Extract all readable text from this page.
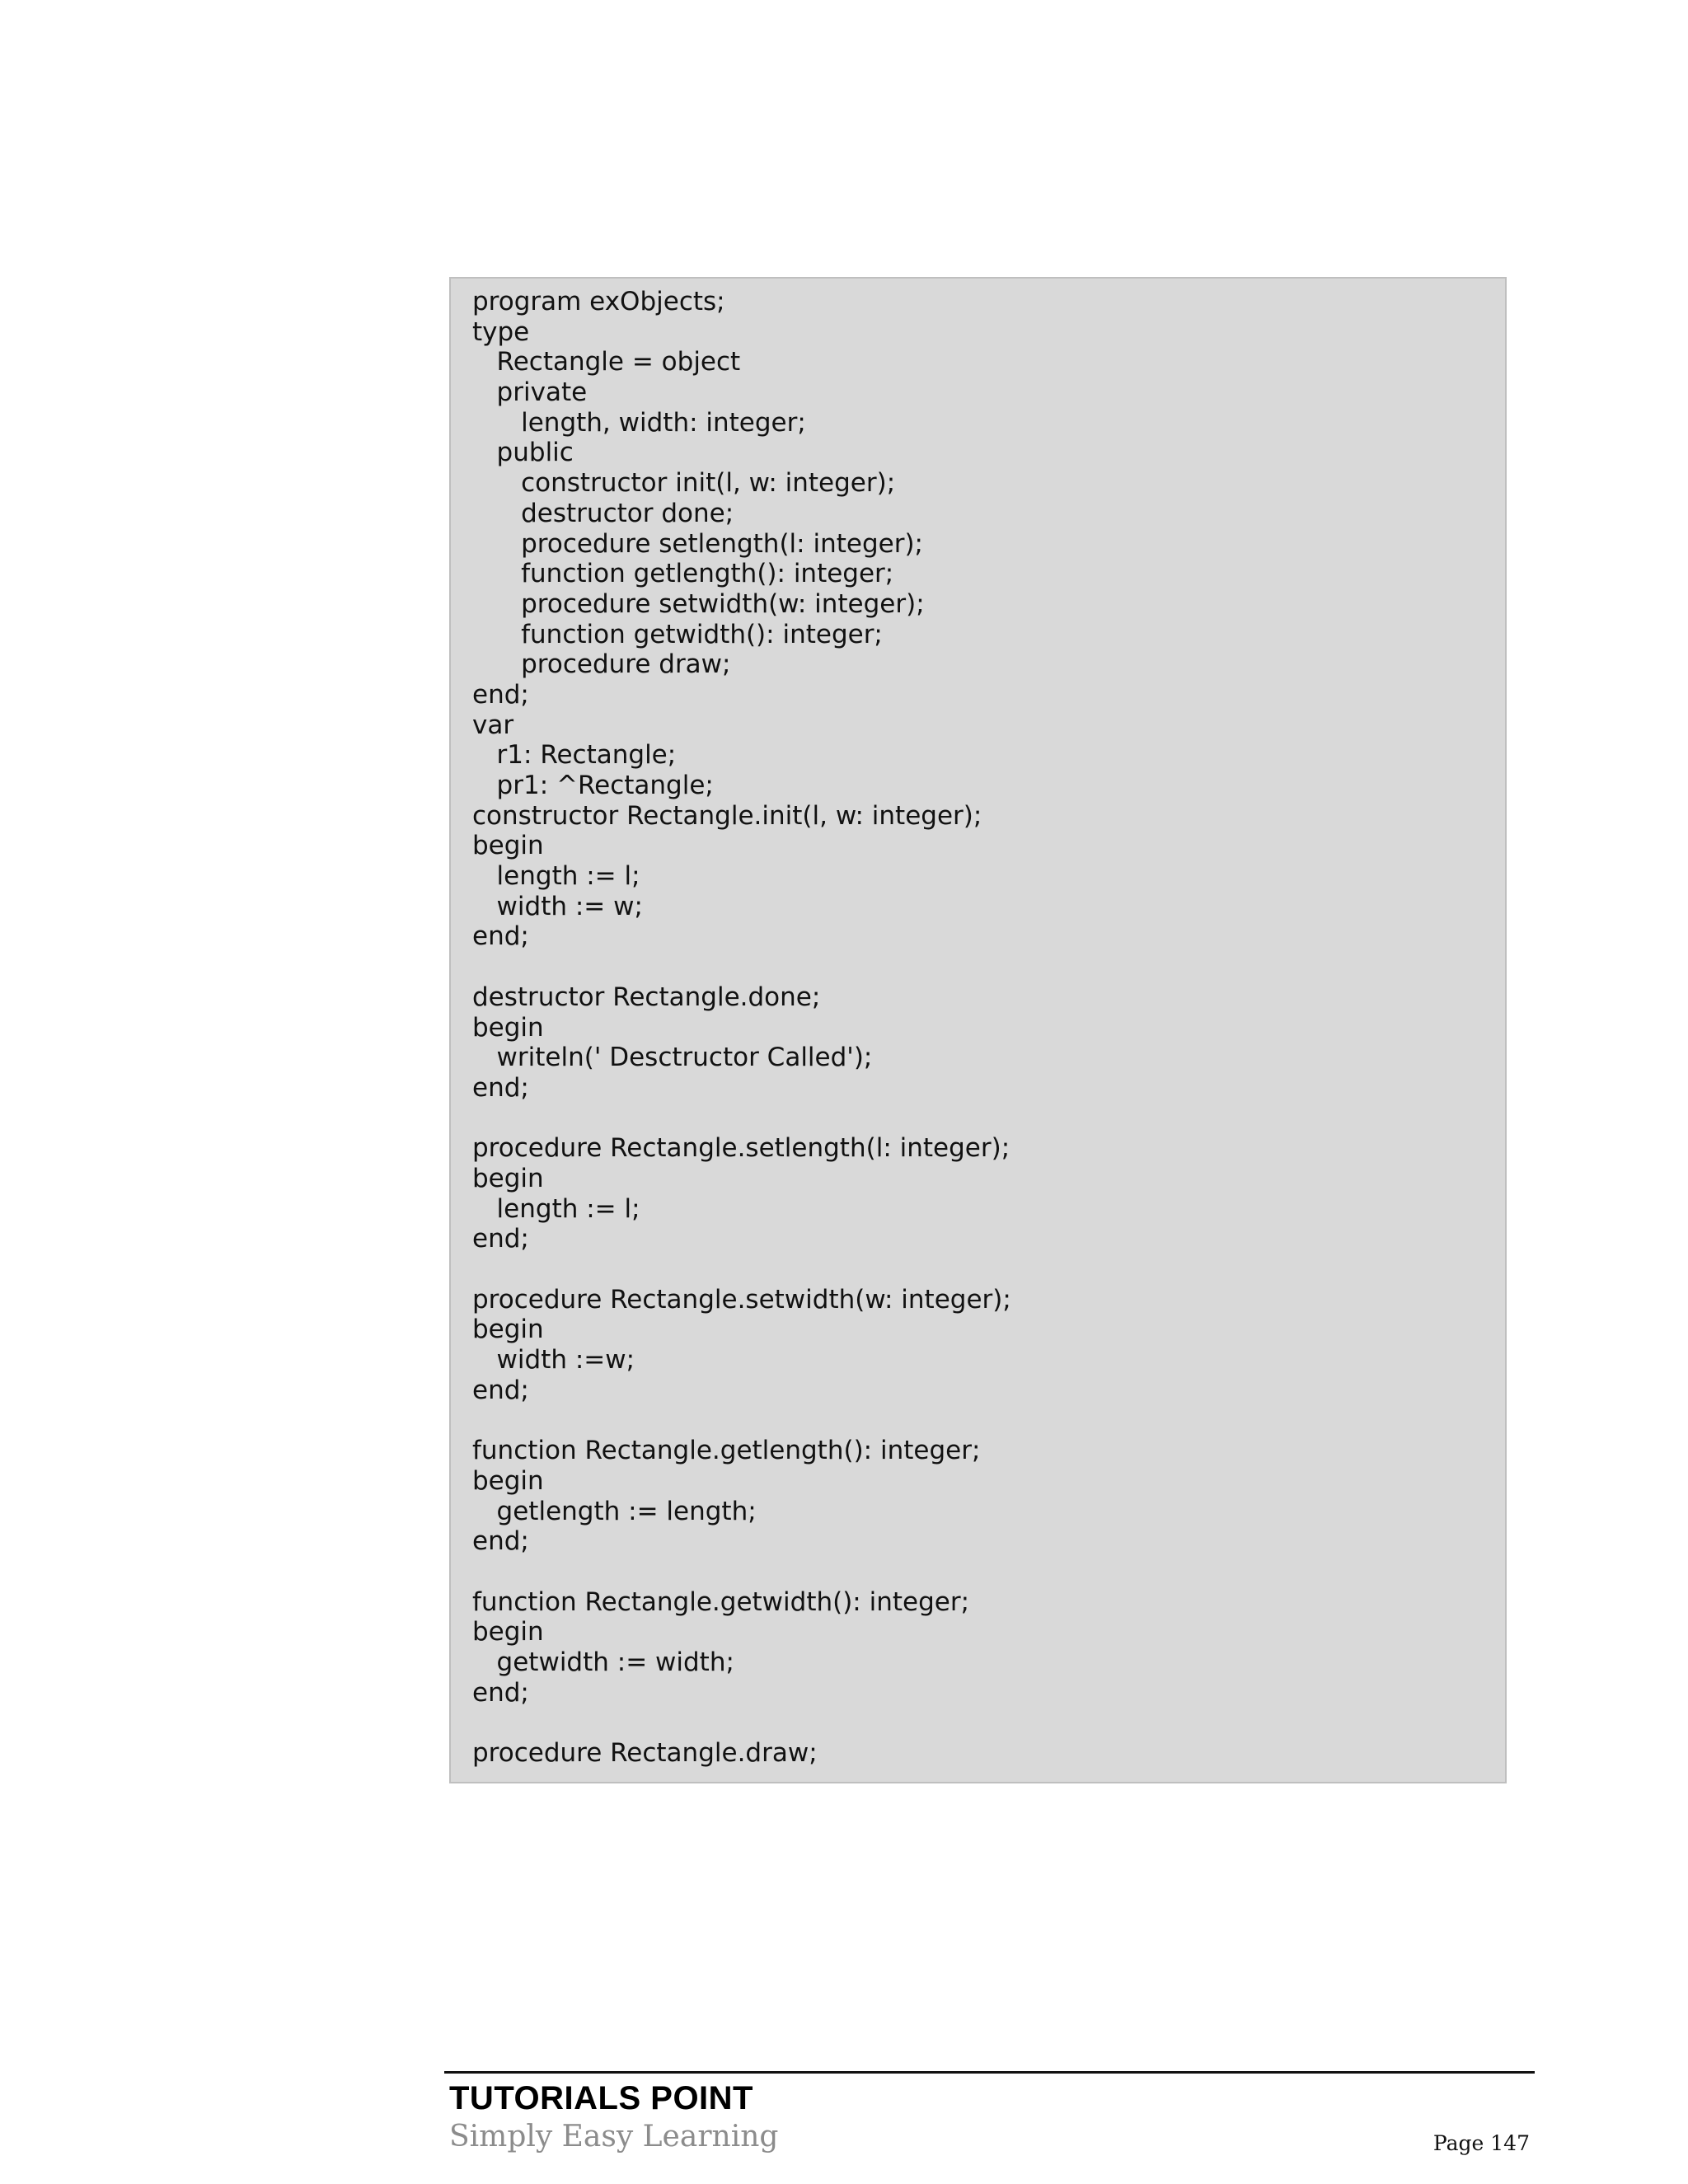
program exObjects;
type
Rectangle = object
private
length, width: integer;
public
constructor init(l, w: integer);
destructor done;
procedure setlength(l: integer);
function getlength(): integer;
procedure setwidth(w: integer);
function getwidth(): integer;
procedure draw;
end;
var
r1: Rectangle;
pr1: ^Rectangle;
constructor Rectangle.init(l, w: integer);
begin
length := l;
width := w;
end;
destructor Rectangle.done;
begin
writeln(' Desctructor Called');
end;
procedure Rectangle.setlength(l: integer);
begin
length := l;
end;
procedure Rectangle.setwidth(w: integer);
begin
width :=w;
end;
function Rectangle.getlength(): integer;
begin
getlength := length;
end;
function Rectangle.getwidth(): integer;
begin
getwidth := width;
end;
procedure Rectangle.draw;
TUTORIALS POINT
Simply Easy Learning	Page 147
